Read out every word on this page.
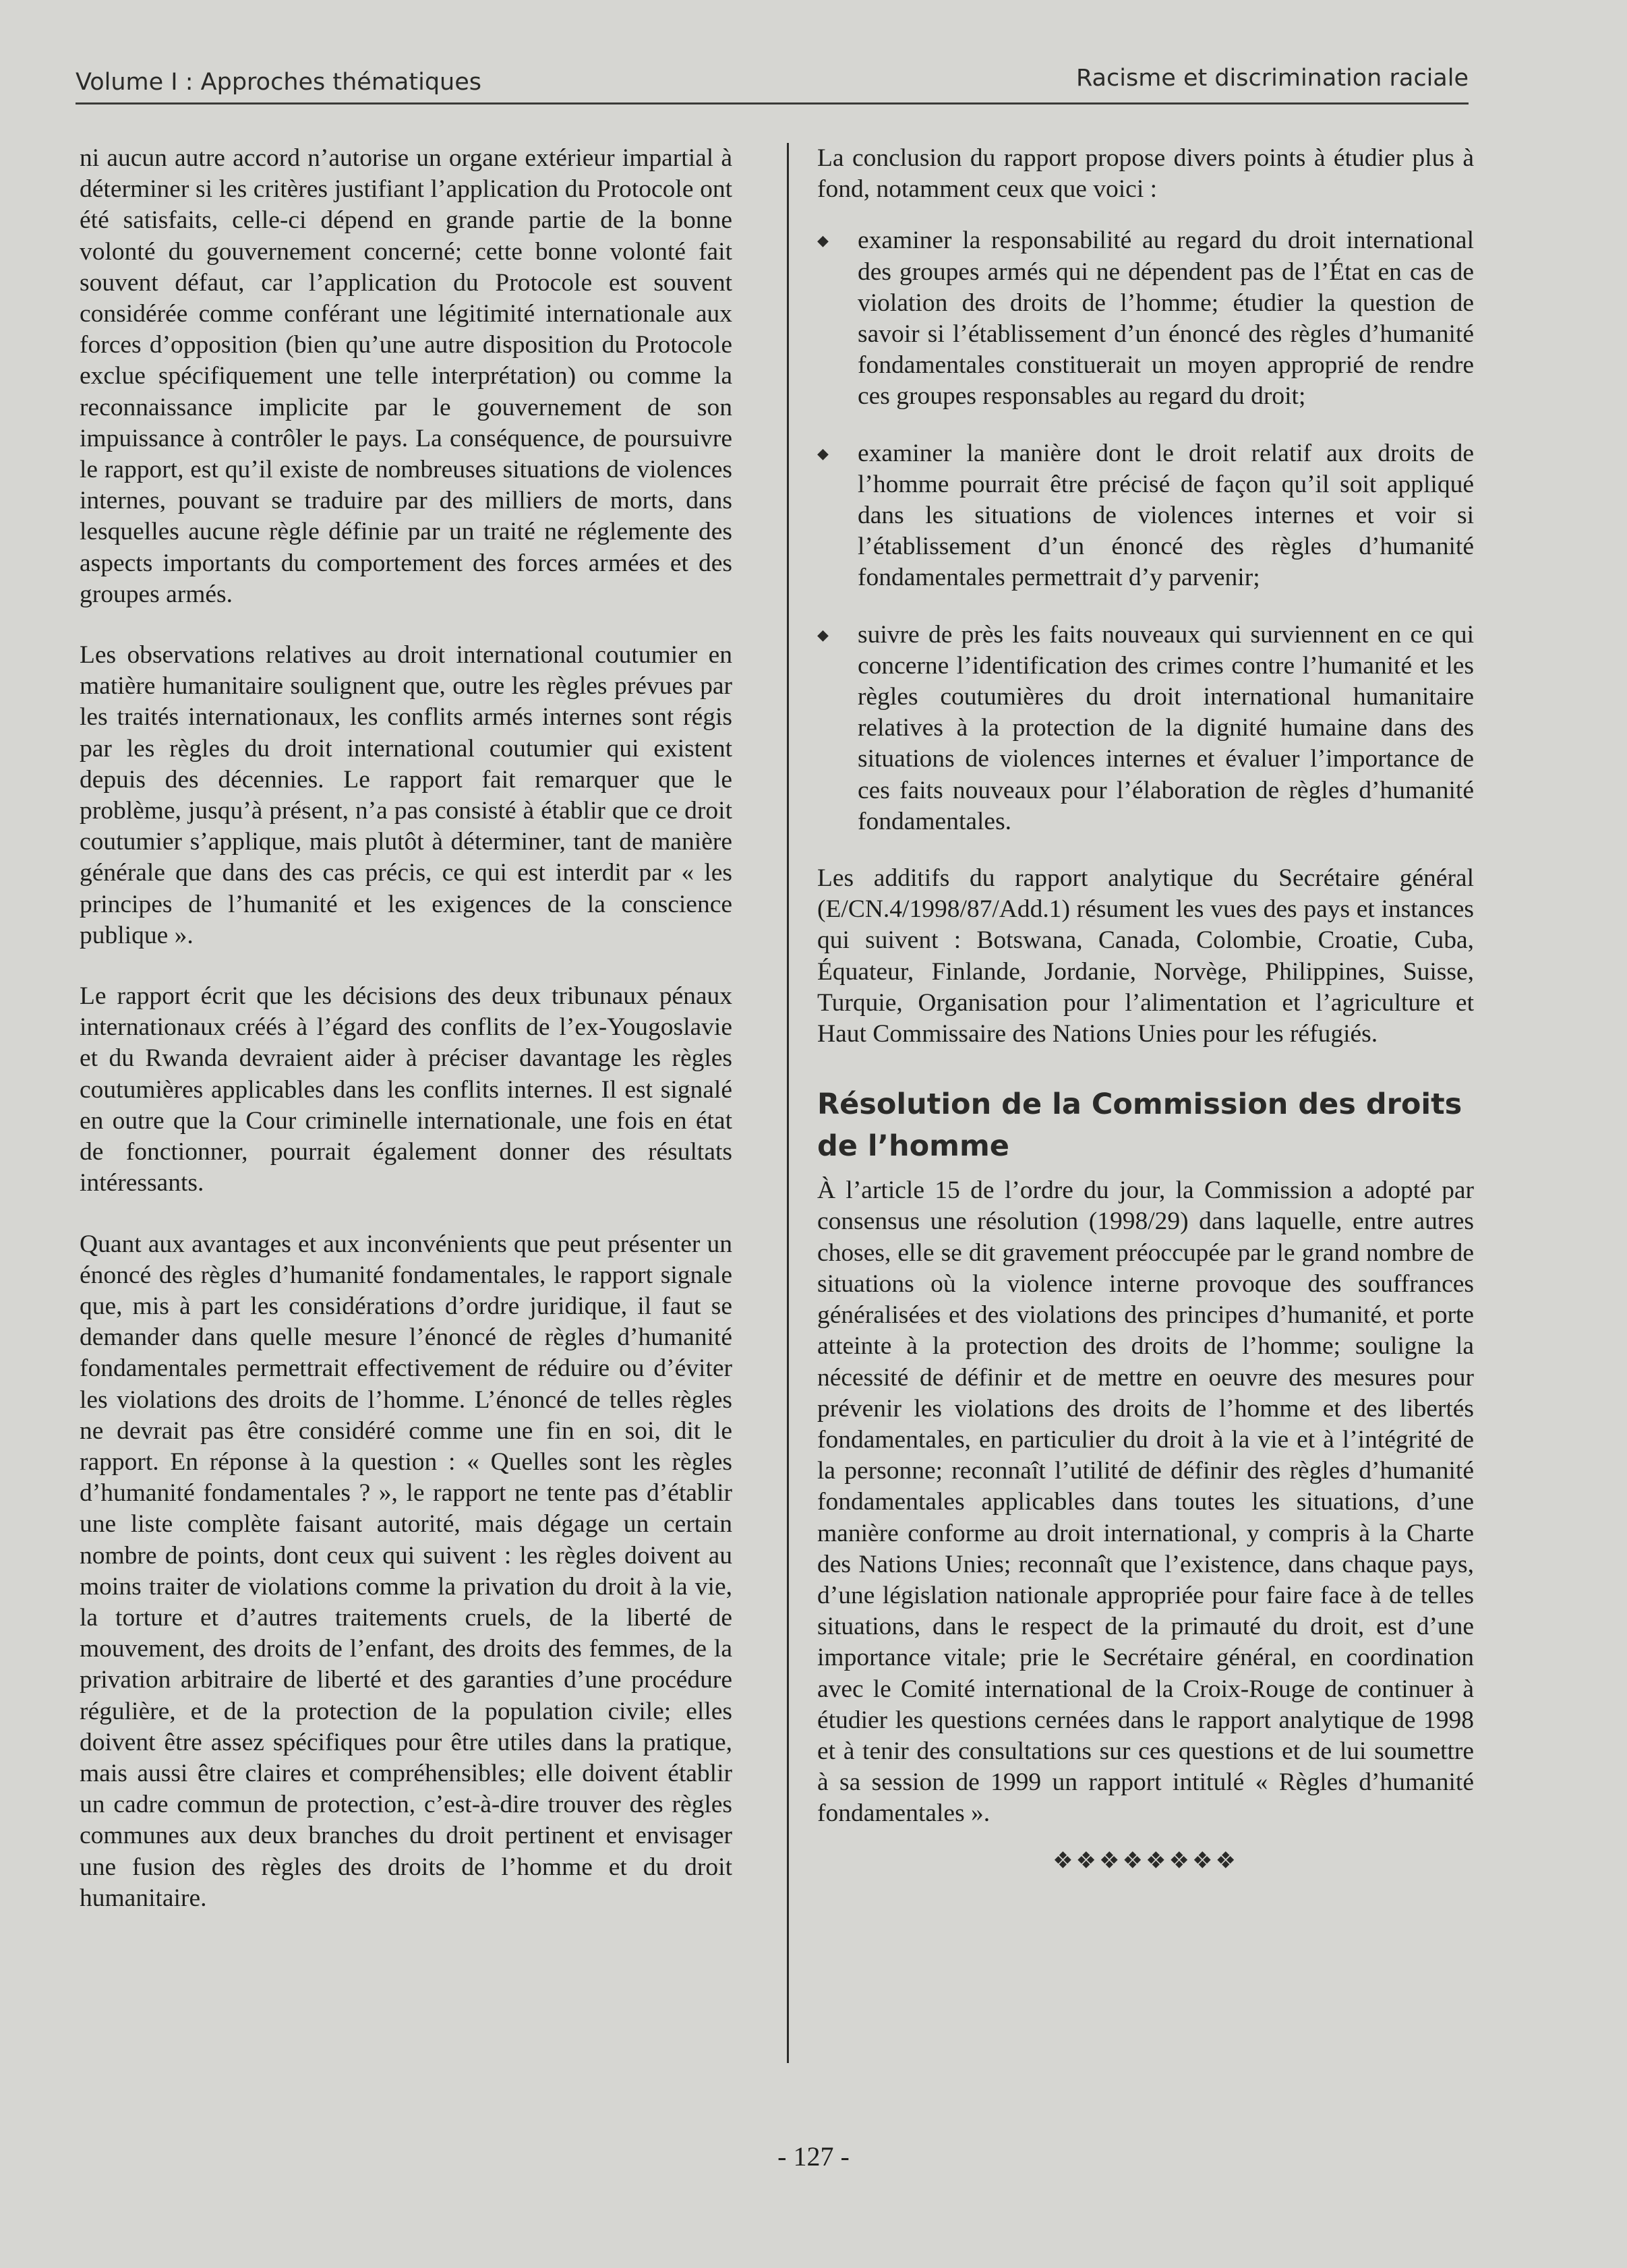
Volume I : Approches thématiques	Racisme et discrimination raciale

ni aucun autre accord n’autorise un organe extérieur impartial à déterminer si les critères justifiant l’application du Protocole ont été satisfaits, celle-ci dépend en grande partie de la bonne volonté du gouvernement concerné; cette bonne volonté fait souvent défaut, car l’application du Protocole est souvent considérée comme conférant une légitimité internationale aux forces d’opposition (bien qu’une autre disposition du Protocole exclue spécifiquement une telle interprétation) ou comme la reconnaissance implicite par le gouvernement de son impuissance à contrôler le pays. La conséquence, de poursuivre le rapport, est qu’il existe de nombreuses situations de violences internes, pouvant se traduire par des milliers de morts, dans lesquelles aucune règle définie par un traité ne réglemente des aspects importants du comportement des forces armées et des groupes armés.

Les observations relatives au droit international coutumier en matière humanitaire soulignent que, outre les règles prévues par les traités internationaux, les conflits armés internes sont régis par les règles du droit international coutumier qui existent depuis des décennies. Le rapport fait remarquer que le problème, jusqu’à présent, n’a pas consisté à établir que ce droit coutumier s’applique, mais plutôt à déterminer, tant de manière générale que dans des cas précis, ce qui est interdit par « les principes de l’humanité et les exigences de la conscience publique ».

Le rapport écrit que les décisions des deux tribunaux pénaux internationaux créés à l’égard des conflits de l’ex-Yougoslavie et du Rwanda devraient aider à préciser davantage les règles coutumières applicables dans les conflits internes. Il est signalé en outre que la Cour criminelle internationale, une fois en état de fonctionner, pourrait également donner des résultats intéressants.

Quant aux avantages et aux inconvénients que peut présenter un énoncé des règles d’humanité fondamentales, le rapport signale que, mis à part les considérations d’ordre juridique, il faut se demander dans quelle mesure l’énoncé de règles d’humanité fondamentales permettrait effectivement de réduire ou d’éviter les violations des droits de l’homme. L’énoncé de telles règles ne devrait pas être considéré comme une fin en soi, dit le rapport. En réponse à la question : « Quelles sont les règles d’humanité fondamentales ? », le rapport ne tente pas d’établir une liste complète faisant autorité, mais dégage un certain nombre de points, dont ceux qui suivent : les règles doivent au moins traiter de violations comme la privation du droit à la vie, la torture et d’autres traitements cruels, de la liberté de mouvement, des droits de l’enfant, des droits des femmes, de la privation arbitraire de liberté et des garanties d’une procédure régulière, et de la protection de la population civile; elles doivent être assez spécifiques pour être utiles dans la pratique, mais aussi être claires et compréhensibles; elle doivent établir un cadre commun de protection, c’est-à-dire trouver des règles communes aux deux branches du droit pertinent et envisager une fusion des règles des droits de l’homme et du droit humanitaire.

La conclusion du rapport propose divers points à étudier plus à fond, notamment ceux que voici :

◆ examiner la responsabilité au regard du droit international des groupes armés qui ne dépendent pas de l’État en cas de violation des droits de l’homme; étudier la question de savoir si l’établissement d’un énoncé des règles d’humanité fondamentales constituerait un moyen approprié de rendre ces groupes responsables au regard du droit;
◆ examiner la manière dont le droit relatif aux droits de l’homme pourrait être précisé de façon qu’il soit appliqué dans les situations de violences internes et voir si l’établissement d’un énoncé des règles d’humanité fondamentales permettrait d’y parvenir;
◆ suivre de près les faits nouveaux qui surviennent en ce qui concerne l’identification des crimes contre l’humanité et les règles coutumières du droit international humanitaire relatives à la protection de la dignité humaine dans des situations de violences internes et évaluer l’importance de ces faits nouveaux pour l’élaboration de règles d’humanité fondamentales.

Les additifs du rapport analytique du Secrétaire général (E/CN.4/1998/87/Add.1) résument les vues des pays et instances qui suivent : Botswana, Canada, Colombie, Croatie, Cuba, Équateur, Finlande, Jordanie, Norvège, Philippines, Suisse, Turquie, Organisation pour l’alimentation et l’agriculture et Haut Commissaire des Nations Unies pour les réfugiés.

Résolution de la Commission des droits de l’homme

À l’article 15 de l’ordre du jour, la Commission a adopté par consensus une résolution (1998/29) dans laquelle, entre autres choses, elle se dit gravement préoccupée par le grand nombre de situations où la violence interne provoque des souffrances généralisées et des violations des principes d’humanité, et porte atteinte à la protection des droits de l’homme; souligne la nécessité de définir et de mettre en oeuvre des mesures pour prévenir les violations des droits de l’homme et des libertés fondamentales, en particulier du droit à la vie et à l’intégrité de la personne; reconnaît l’utilité de définir des règles d’humanité fondamentales applicables dans toutes les situations, d’une manière conforme au droit international, y compris à la Charte des Nations Unies; reconnaît que l’existence, dans chaque pays, d’une législation nationale appropriée pour faire face à de telles situations, dans le respect de la primauté du droit, est d’une importance vitale; prie le Secrétaire général, en coordination avec le Comité international de la Croix-Rouge de continuer à étudier les questions cernées dans le rapport analytique de 1998 et à tenir des consultations sur ces questions et de lui soumettre à sa session de 1999 un rapport intitulé « Règles d’humanité fondamentales ».

❖❖❖❖❖❖❖❖
- 127 -
